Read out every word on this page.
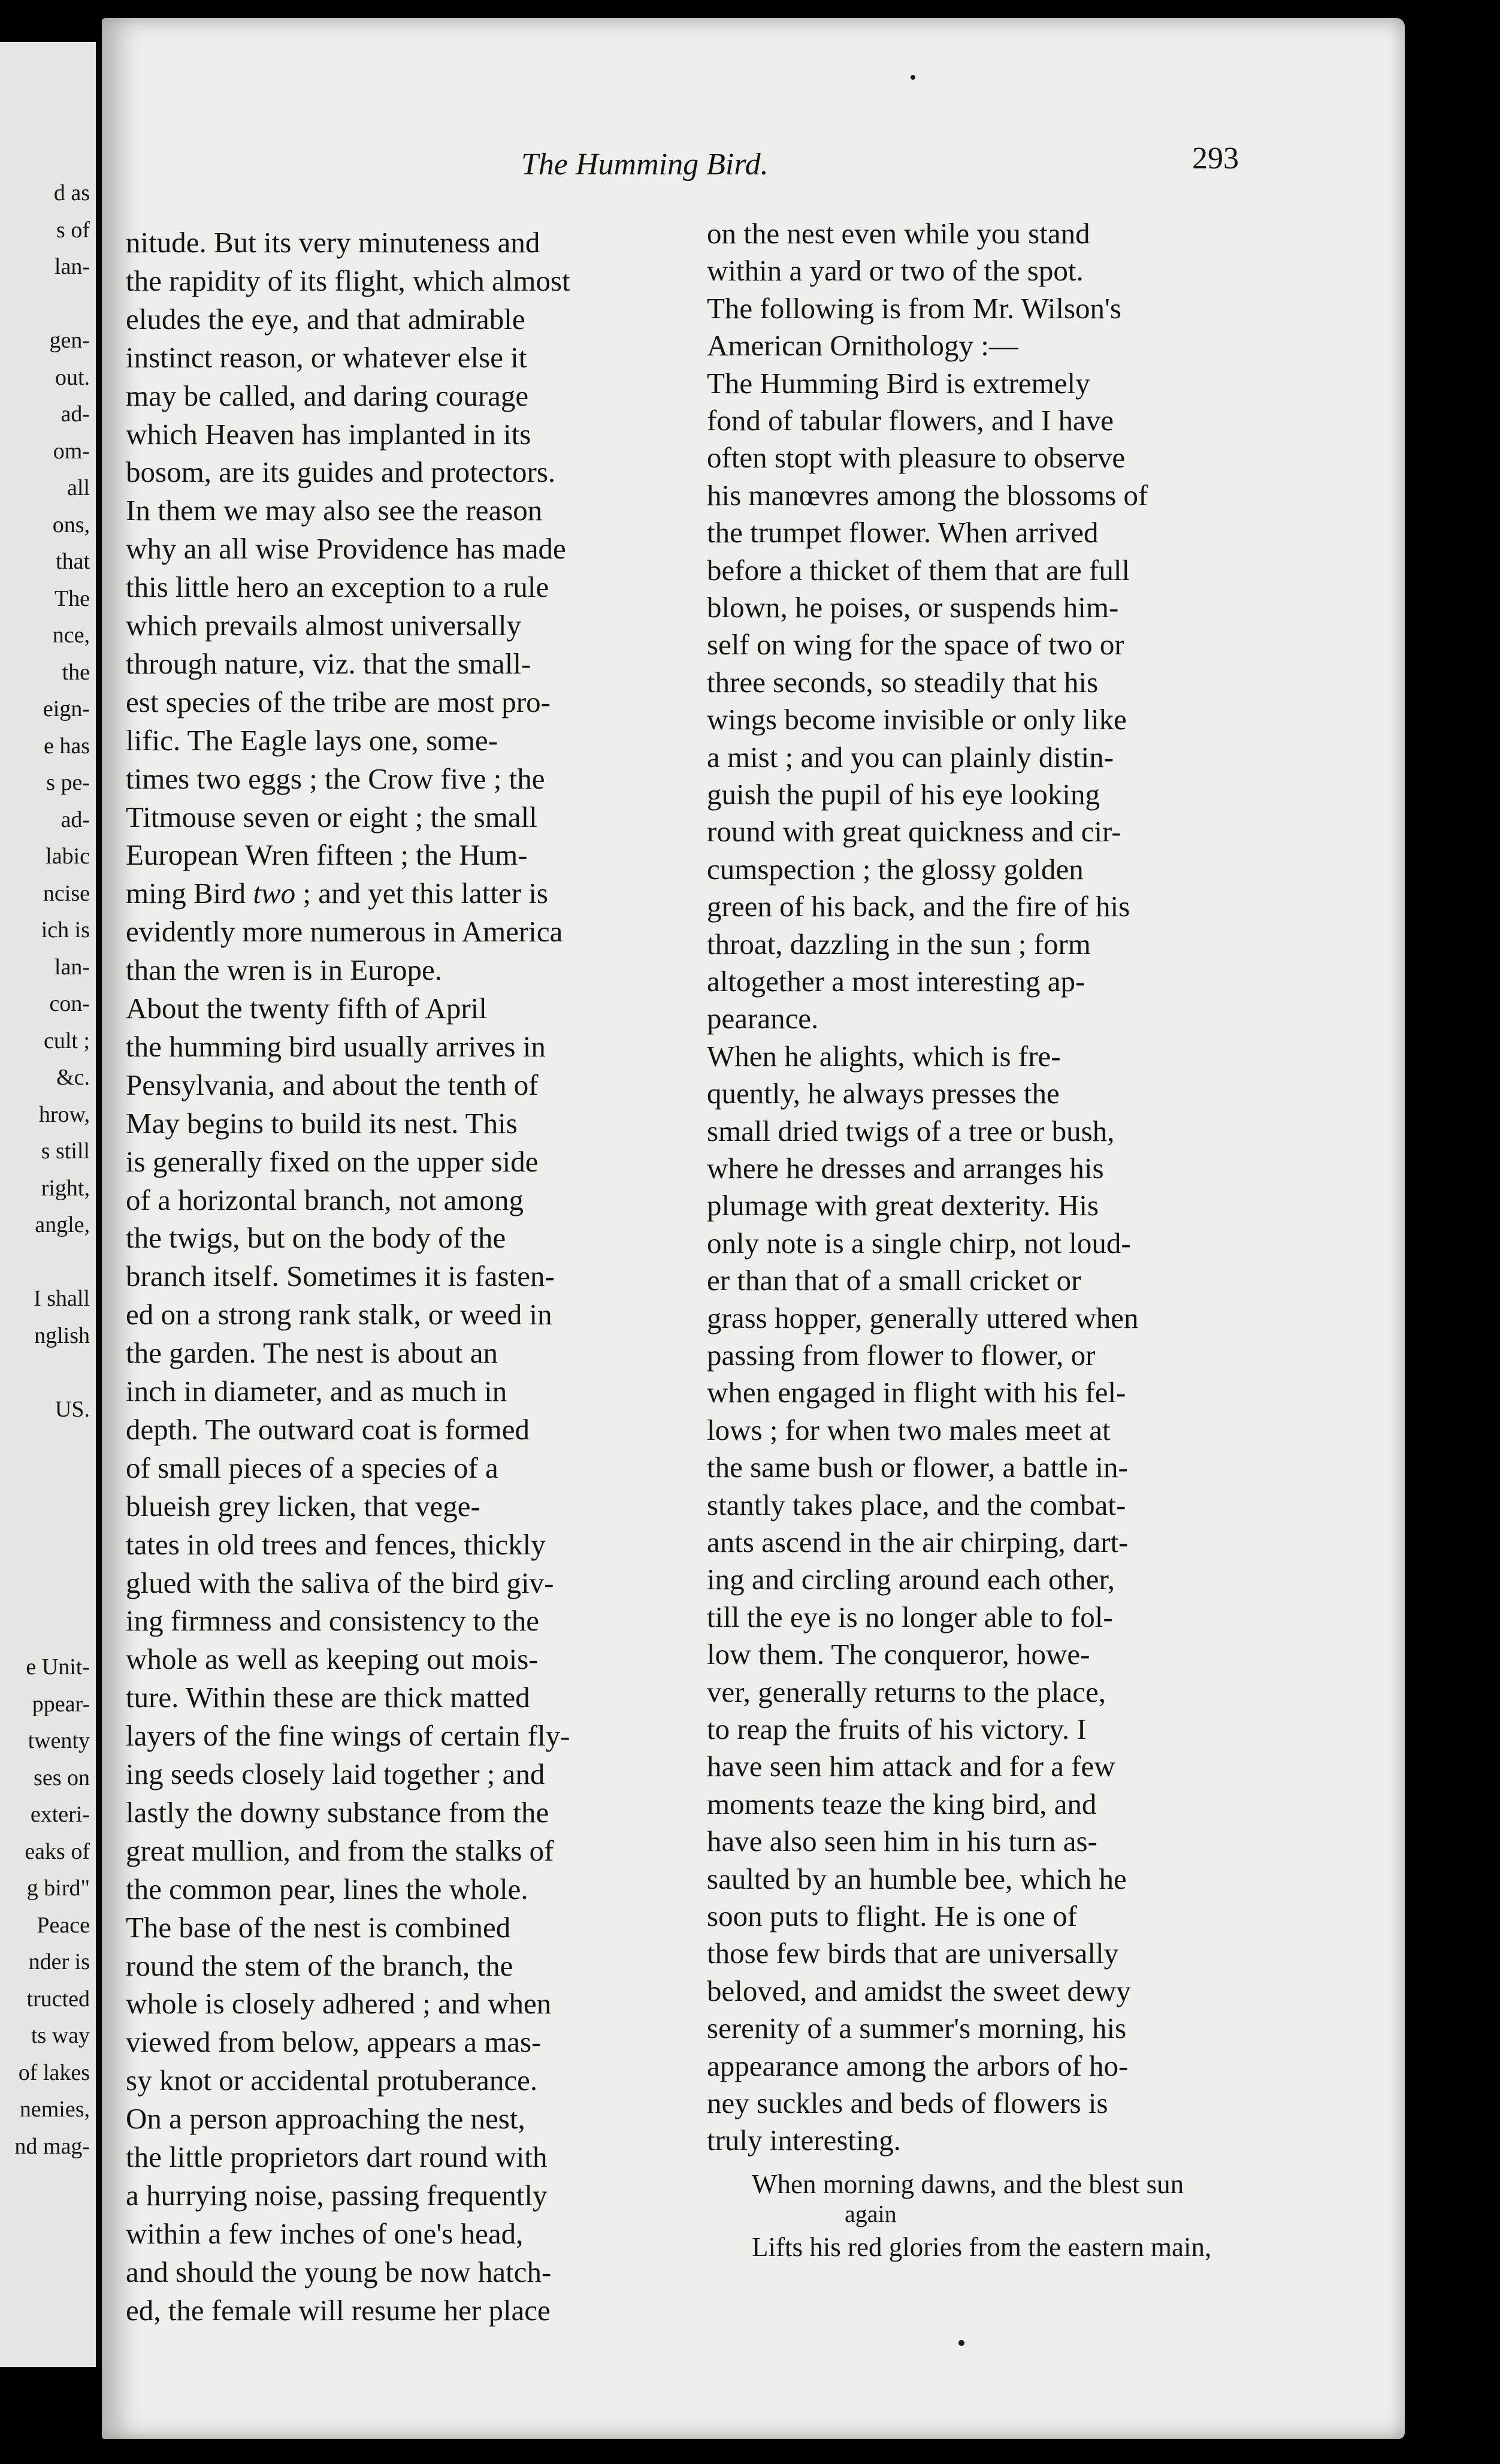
d as

s of

lan-

gen-

out.

ad-

om-

all

ons,

that

The

nce,

the

eign-

e has

s pe-

ad-

labic

ncise

ich is

lan-

con-

cult ;

&c.

hrow,

s still

right,

angle,

I shall

nglish

US.

e Unit-

ppear-

twenty

ses on

exteri-

eaks of

g bird"

Peace

nder is

tructed

ts way

of lakes

nemies,

nd mag-

The Humming Bird.	293

nitude. But its very minuteness and

the rapidity of its flight, which almost

eludes the eye, and that admirable

instinct reason, or whatever else it

may be called, and daring courage

which Heaven has implanted in its

bosom, are its guides and protectors.

In them we may also see the reason

why an all wise Providence has made

this little hero an exception to a rule

which prevails almost universally

through nature, viz. that the small-

est species of the tribe are most pro-

lific. The Eagle lays one, some-

times two eggs ; the Crow five ; the

Titmouse seven or eight ; the small

European Wren fifteen ; the Hum-

ming Bird two ; and yet this latter is

evidently more numerous in America

than the wren is in Europe.

About the twenty fifth of April

the humming bird usually arrives in

Pensylvania, and about the tenth of

May begins to build its nest. This

is generally fixed on the upper side

of a horizontal branch, not among

the twigs, but on the body of the

branch itself. Sometimes it is fasten-

ed on a strong rank stalk, or weed in

the garden. The nest is about an

inch in diameter, and as much in

depth. The outward coat is formed

of small pieces of a species of a

blueish grey licken, that vege-

tates in old trees and fences, thickly

glued with the saliva of the bird giv-

ing firmness and consistency to the

whole as well as keeping out mois-

ture. Within these are thick matted

layers of the fine wings of certain fly-

ing seeds closely laid together ; and

lastly the downy substance from the

great mullion, and from the stalks of

the common pear, lines the whole.

The base of the nest is combined

round the stem of the branch, the

whole is closely adhered ; and when

viewed from below, appears a mas-

sy knot or accidental protuberance.

On a person approaching the nest,

the little proprietors dart round with

a hurrying noise, passing frequently

within a few inches of one's head,

and should the young be now hatch-

ed, the female will resume her place

on the nest even while you stand

within a yard or two of the spot.

The following is from Mr. Wilson's

American Ornithology :—

The Humming Bird is extremely

fond of tabular flowers, and I have

often stopt with pleasure to observe

his manœvres among the blossoms of

the trumpet flower. When arrived

before a thicket of them that are full

blown, he poises, or suspends him-

self on wing for the space of two or

three seconds, so steadily that his

wings become invisible or only like

a mist ; and you can plainly distin-

guish the pupil of his eye looking

round with great quickness and cir-

cumspection ; the glossy golden

green of his back, and the fire of his

throat, dazzling in the sun ; form

altogether a most interesting ap-

pearance.

When he alights, which is fre-

quently, he always presses the

small dried twigs of a tree or bush,

where he dresses and arranges his

plumage with great dexterity. His

only note is a single chirp, not loud-

er than that of a small cricket or

grass hopper, generally uttered when

passing from flower to flower, or

when engaged in flight with his fel-

lows ; for when two males meet at

the same bush or flower, a battle in-

stantly takes place, and the combat-

ants ascend in the air chirping, dart-

ing and circling around each other,

till the eye is no longer able to fol-

low them. The conqueror, howe-

ver, generally returns to the place,

to reap the fruits of his victory. I

have seen him attack and for a few

moments teaze the king bird, and

have also seen him in his turn as-

saulted by an humble bee, which he

soon puts to flight. He is one of

those few birds that are universally

beloved, and amidst the sweet dewy

serenity of a summer's morning, his

appearance among the arbors of ho-

ney suckles and beds of flowers is

truly interesting.

When morning dawns, and the blest sun

again

Lifts his red glories from the eastern main,
